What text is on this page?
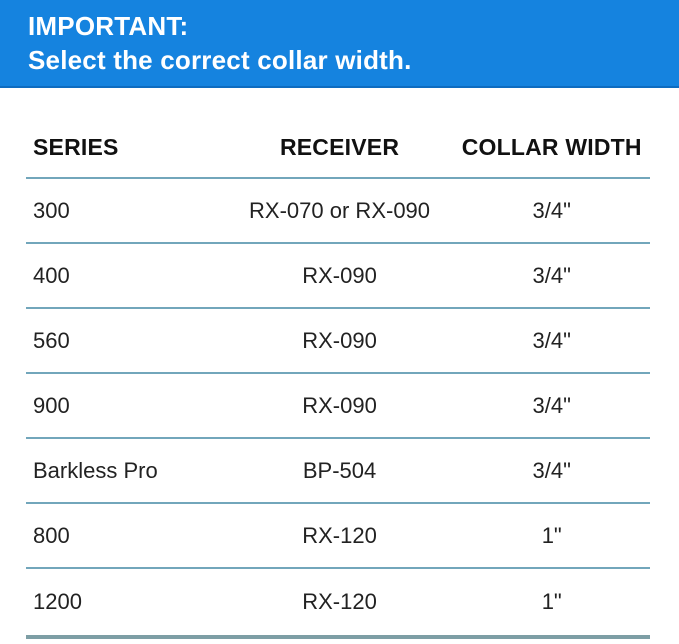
IMPORTANT:
Select the correct collar width.
SERIES	RECEIVER	COLLAR WIDTH
300	RX-070 or RX-090	3/4"
400	RX-090	3/4"
560	RX-090	3/4"
900	RX-090	3/4"
Barkless Pro	BP-504	3/4"
800	RX-120	1"
1200	RX-120	1"
